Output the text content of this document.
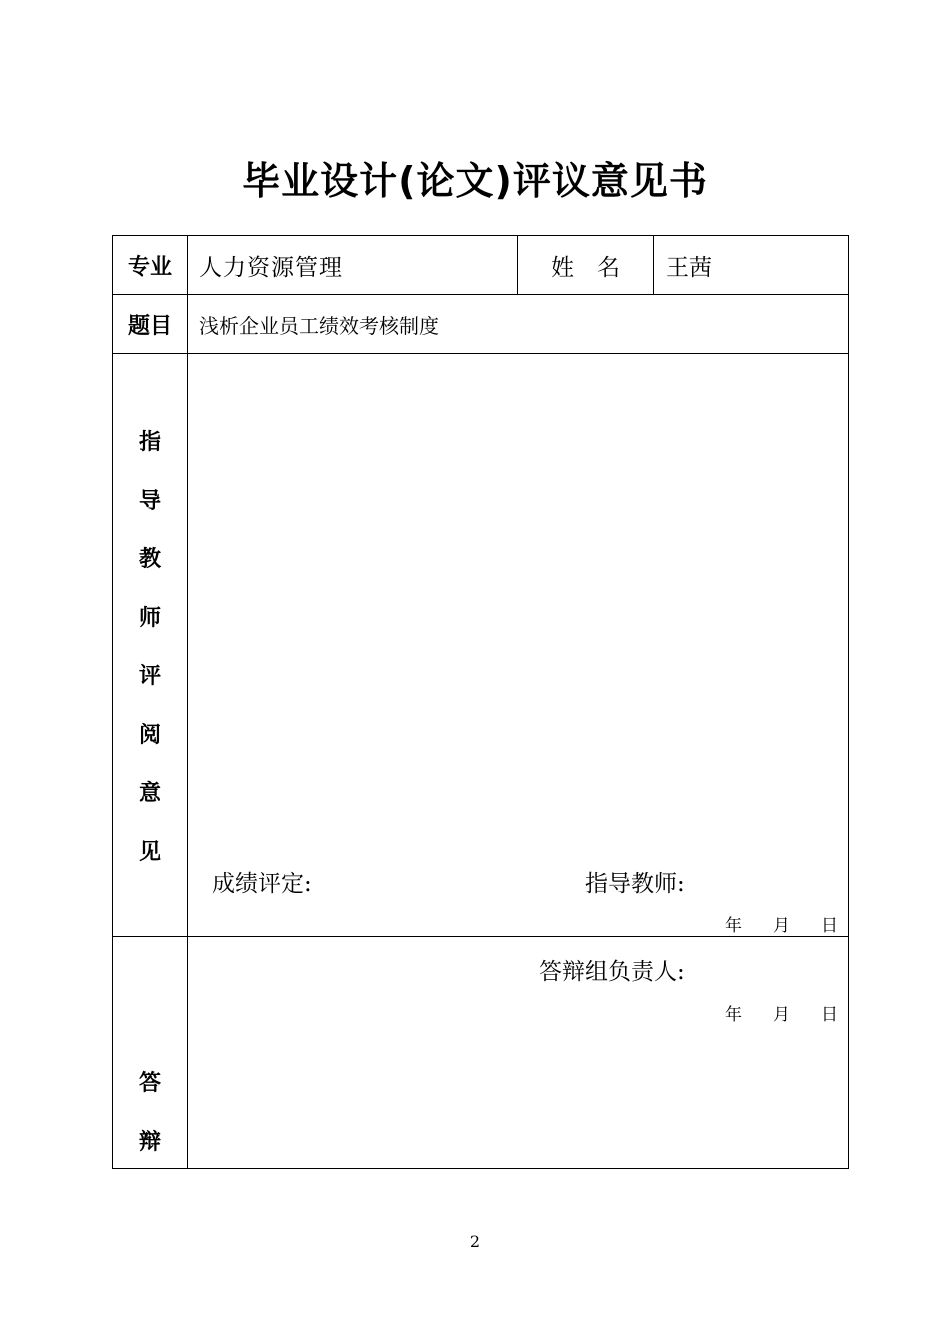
毕业设计(论文)评议意见书
专业	人力资源管理	姓　名	王茜
题目	浅析企业员工绩效考核制度
指
导
教
师
评
阅
意
见
成绩评定:	指导教师:
年 月 日
答辩组负责人:
年 月 日
答
辩
2
